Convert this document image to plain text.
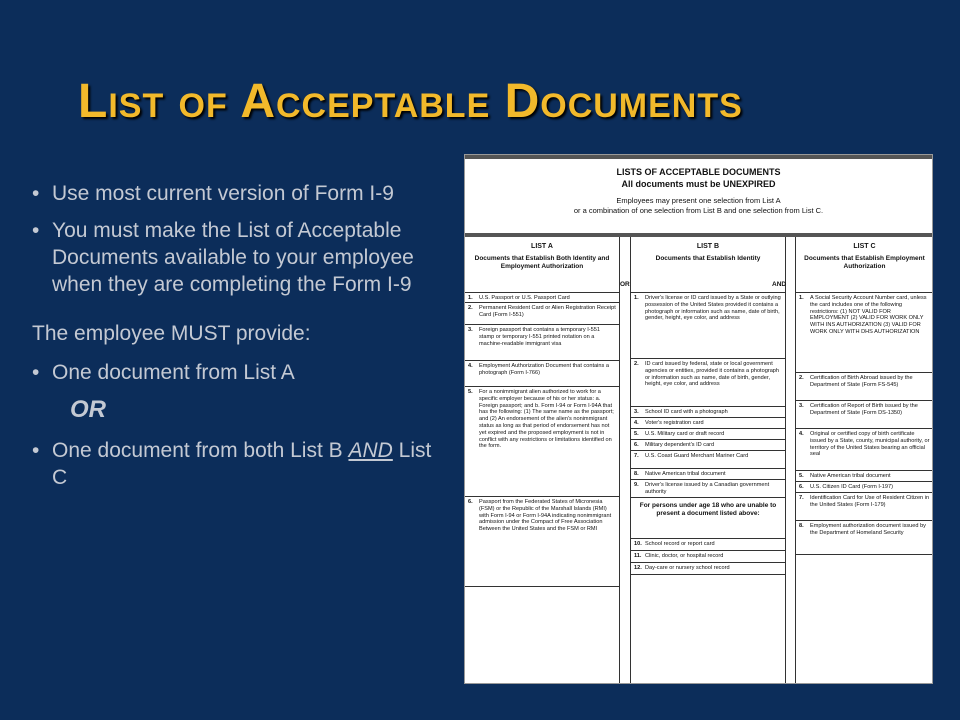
List of Acceptable Documents
• Use most current version of Form I-9
• You must make the List of Acceptable Documents available to your employee when they are completing the Form I-9
The employee MUST provide:
• One document from List A
OR
• One document from both List B AND List C
LISTS OF ACCEPTABLE DOCUMENTS
All documents must be UNEXPIRED
Employees may present one selection from List A
or a combination of one selection from List B and one selection from List C.
LIST A
Documents that Establish Both Identity and Employment Authorization
1. U.S. Passport or U.S. Passport Card
2. Permanent Resident Card or Alien Registration Receipt Card (Form I-551)
3. Foreign passport that contains a temporary I-551 stamp or temporary I-551 printed notation on a machine-readable immigrant visa
4. Employment Authorization Document that contains a photograph (Form I-766)
5. For a nonimmigrant alien authorized to work for a specific employer because of his or her status: a. Foreign passport; and b. Form I-94 or Form I-94A that has the following: (1) The same name as the passport; and (2) An endorsement of the alien's nonimmigrant status as long as that period of endorsement has not yet expired and the proposed employment is not in conflict with any restrictions or limitations identified on the form.
6. Passport from the Federated States of Micronesia (FSM) or the Republic of the Marshall Islands (RMI) with Form I-94 or Form I-94A indicating nonimmigrant admission under the Compact of Free Association Between the United States and the FSM or RMI
OR
LIST B
Documents that Establish Identity
1. Driver's license or ID card issued by a State or outlying possession of the United States provided it contains a photograph or information such as name, date of birth, gender, height, eye color, and address
2. ID card issued by federal, state or local government agencies or entities, provided it contains a photograph or information such as name, date of birth, gender, height, eye color, and address
3. School ID card with a photograph
4. Voter's registration card
5. U.S. Military card or draft record
6. Military dependent's ID card
7. U.S. Coast Guard Merchant Mariner Card
8. Native American tribal document
9. Driver's license issued by a Canadian government authority
For persons under age 18 who are unable to present a document listed above:
10. School record or report card
11. Clinic, doctor, or hospital record
12. Day-care or nursery school record
AND
LIST C
Documents that Establish Employment Authorization
1. A Social Security Account Number card, unless the card includes one of the following restrictions: (1) NOT VALID FOR EMPLOYMENT (2) VALID FOR WORK ONLY WITH INS AUTHORIZATION (3) VALID FOR WORK ONLY WITH DHS AUTHORIZATION
2. Certification of Birth Abroad issued by the Department of State (Form FS-545)
3. Certification of Report of Birth issued by the Department of State (Form DS-1350)
4. Original or certified copy of birth certificate issued by a State, county, municipal authority, or territory of the United States bearing an official seal
5. Native American tribal document
6. U.S. Citizen ID Card (Form I-197)
7. Identification Card for Use of Resident Citizen in the United States (Form I-179)
8. Employment authorization document issued by the Department of Homeland Security
